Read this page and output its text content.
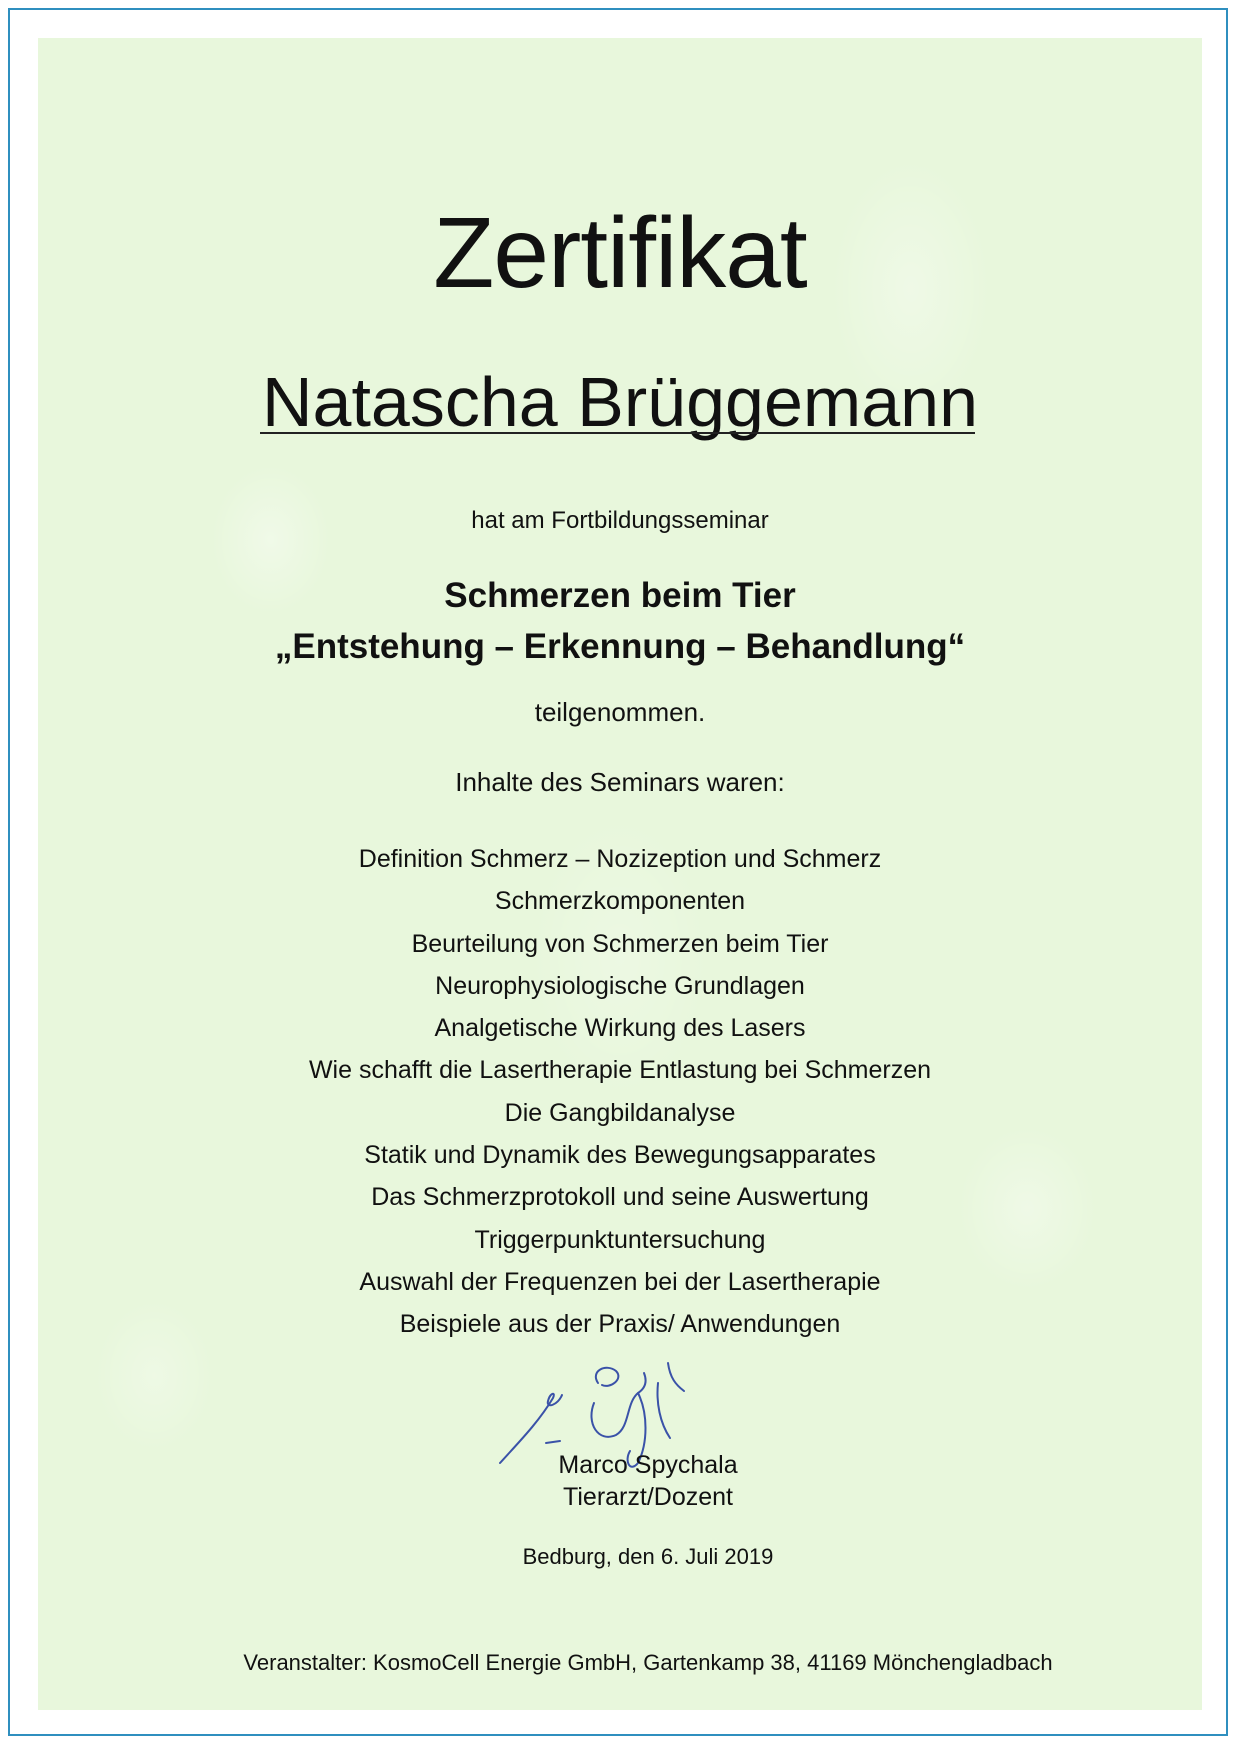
Zertifikat
Natascha Brüggemann
hat am Fortbildungsseminar
Schmerzen beim Tier
„Entstehung – Erkennung – Behandlung“
teilgenommen.
Inhalte des Seminars waren:
Definition Schmerz – Nozizeption und Schmerz
Schmerzkomponenten
Beurteilung von Schmerzen beim Tier
Neurophysiologische Grundlagen
Analgetische Wirkung des Lasers
Wie schafft die Lasertherapie Entlastung bei Schmerzen
Die Gangbildanalyse
Statik und Dynamik des Bewegungsapparates
Das Schmerzprotokoll und seine Auswertung
Triggerpunktuntersuchung
Auswahl der Frequenzen bei der Lasertherapie
Beispiele aus der Praxis/ Anwendungen
Marco Spychala
Tierarzt/Dozent
Bedburg, den 6. Juli 2019
Veranstalter: KosmoCell Energie GmbH, Gartenkamp 38, 41169 Mönchengladbach
